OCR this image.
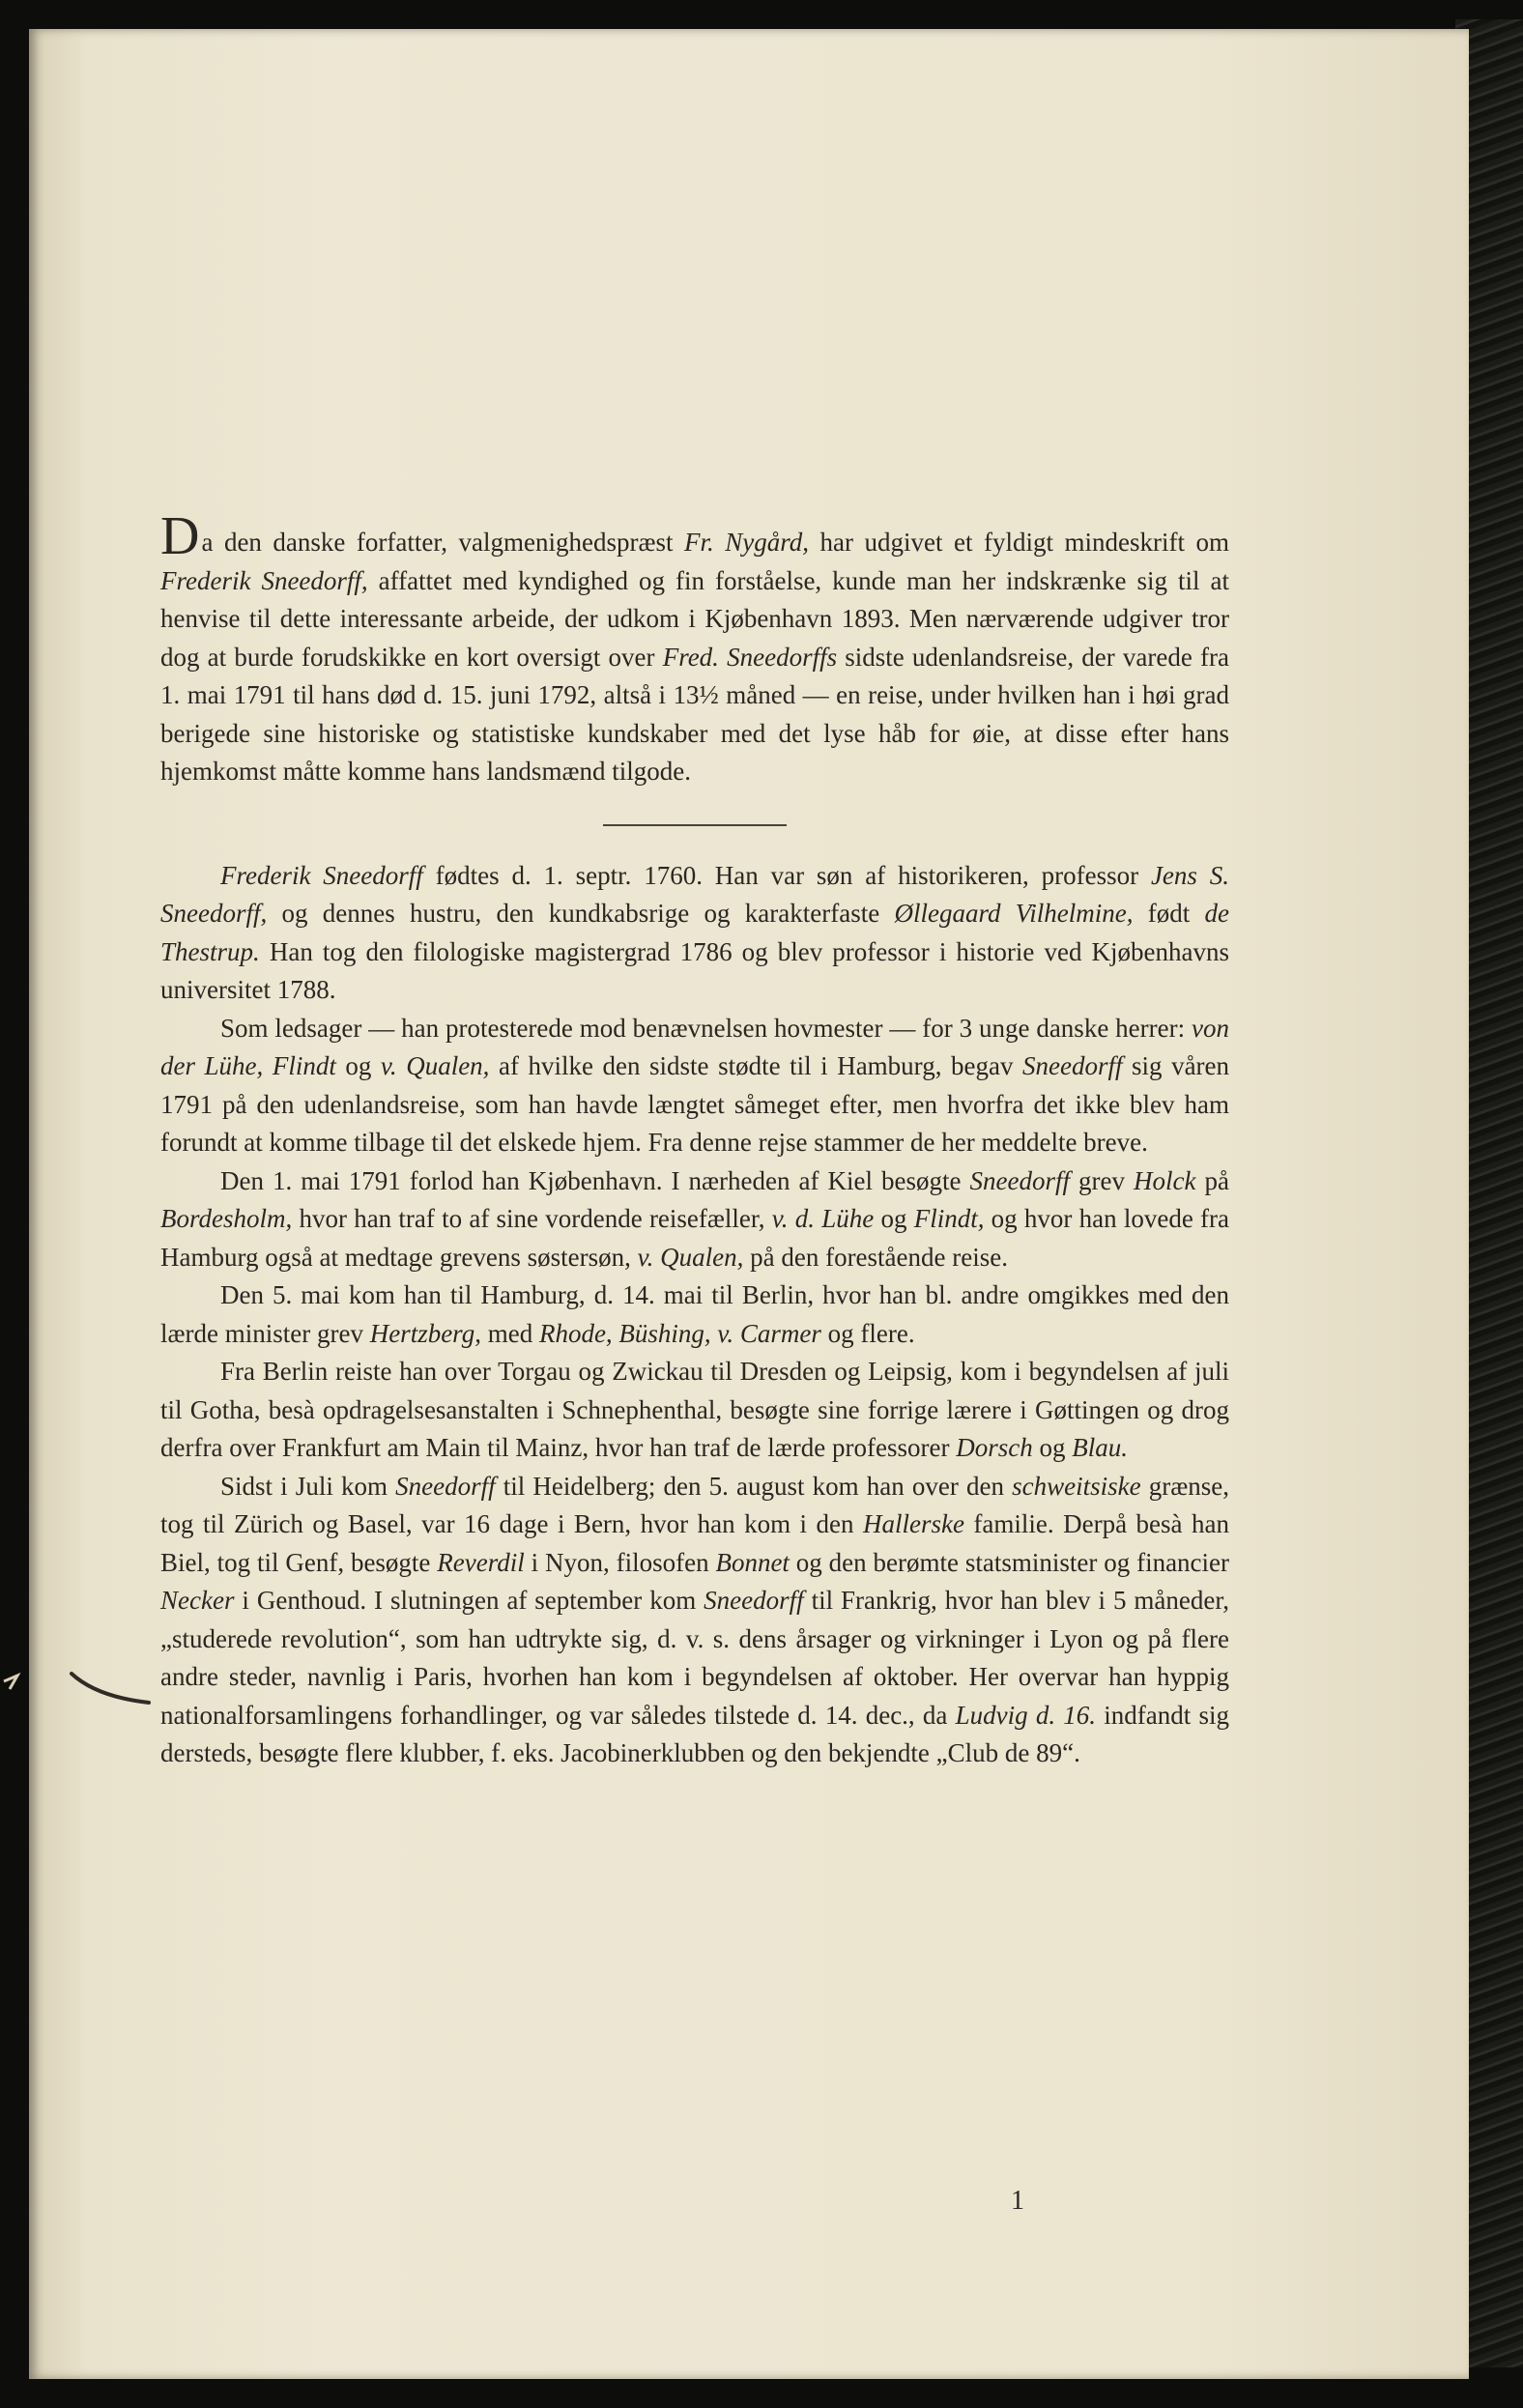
Da den danske forfatter, valgmenighedspræst Fr. Nygård, har udgivet et fyldigt mindeskrift om Frederik Sneedorff, affattet med kyndighed og fin forståelse, kunde man her indskrænke sig til at henvise til dette interessante arbeide, der udkom i Kjøbenhavn 1893. Men nærværende udgiver tror dog at burde forudskikke en kort oversigt over Fred. Sneedorffs sidste udenlandsreise, der varede fra 1. mai 1791 til hans død d. 15. juni 1792, altså i 13½ måned — en reise, under hvilken han i høi grad berigede sine historiske og statistiske kundskaber med det lyse håb for øie, at disse efter hans hjemkomst måtte komme hans landsmænd tilgode.

Frederik Sneedorff fødtes d. 1. septr. 1760. Han var søn af historikeren, professor Jens S. Sneedorff, og dennes hustru, den kundkabsrige og karakterfaste Øllegaard Vilhelmine, født de Thestrup. Han tog den filologiske magistergrad 1786 og blev professor i historie ved Kjøbenhavns universitet 1788.

Som ledsager — han protesterede mod benævnelsen hovmester — for 3 unge danske herrer: von der Lühe, Flindt og v. Qualen, af hvilke den sidste stødte til i Hamburg, begav Sneedorff sig våren 1791 på den udenlandsreise, som han havde længtet såmeget efter, men hvorfra det ikke blev ham forundt at komme tilbage til det elskede hjem. Fra denne rejse stammer de her meddelte breve.

Den 1. mai 1791 forlod han Kjøbenhavn. I nærheden af Kiel besøgte Sneedorff grev Holck på Bordesholm, hvor han traf to af sine vordende reisefæller, v. d. Lühe og Flindt, og hvor han lovede fra Hamburg også at medtage grevens søstersøn, v. Qualen, på den forestående reise.

Den 5. mai kom han til Hamburg, d. 14. mai til Berlin, hvor han bl. andre omgikkes med den lærde minister grev Hertzberg, med Rhode, Büshing, v. Carmer og flere.

Fra Berlin reiste han over Torgau og Zwickau til Dresden og Leipsig, kom i begyndelsen af juli til Gotha, besà opdragelsesanstalten i Schnephenthal, besøgte sine forrige lærere i Gøttingen og drog derfra over Frankfurt am Main til Mainz, hvor han traf de lærde professorer Dorsch og Blau.

Sidst i Juli kom Sneedorff til Heidelberg; den 5. august kom han over den schweitsiske grænse, tog til Zürich og Basel, var 16 dage i Bern, hvor han kom i den Hallerske familie. Derpå besà han Biel, tog til Genf, besøgte Reverdil i Nyon, filosofen Bonnet og den berømte statsminister og financier Necker i Genthoud. I slutningen af september kom Sneedorff til Frankrig, hvor han blev i 5 måneder, „studerede revolution“, som han udtrykte sig, d. v. s. dens årsager og virkninger i Lyon og på flere andre steder, navnlig i Paris, hvorhen han kom i begyndelsen af oktober. Her overvar han hyppig nationalforsamlingens forhandlinger, og var således tilstede d. 14. dec., da Ludvig d. 16. indfandt sig dersteds, besøgte flere klubber, f. eks. Jacobinerklubben og den bekjendte „Club de 89“.

1
